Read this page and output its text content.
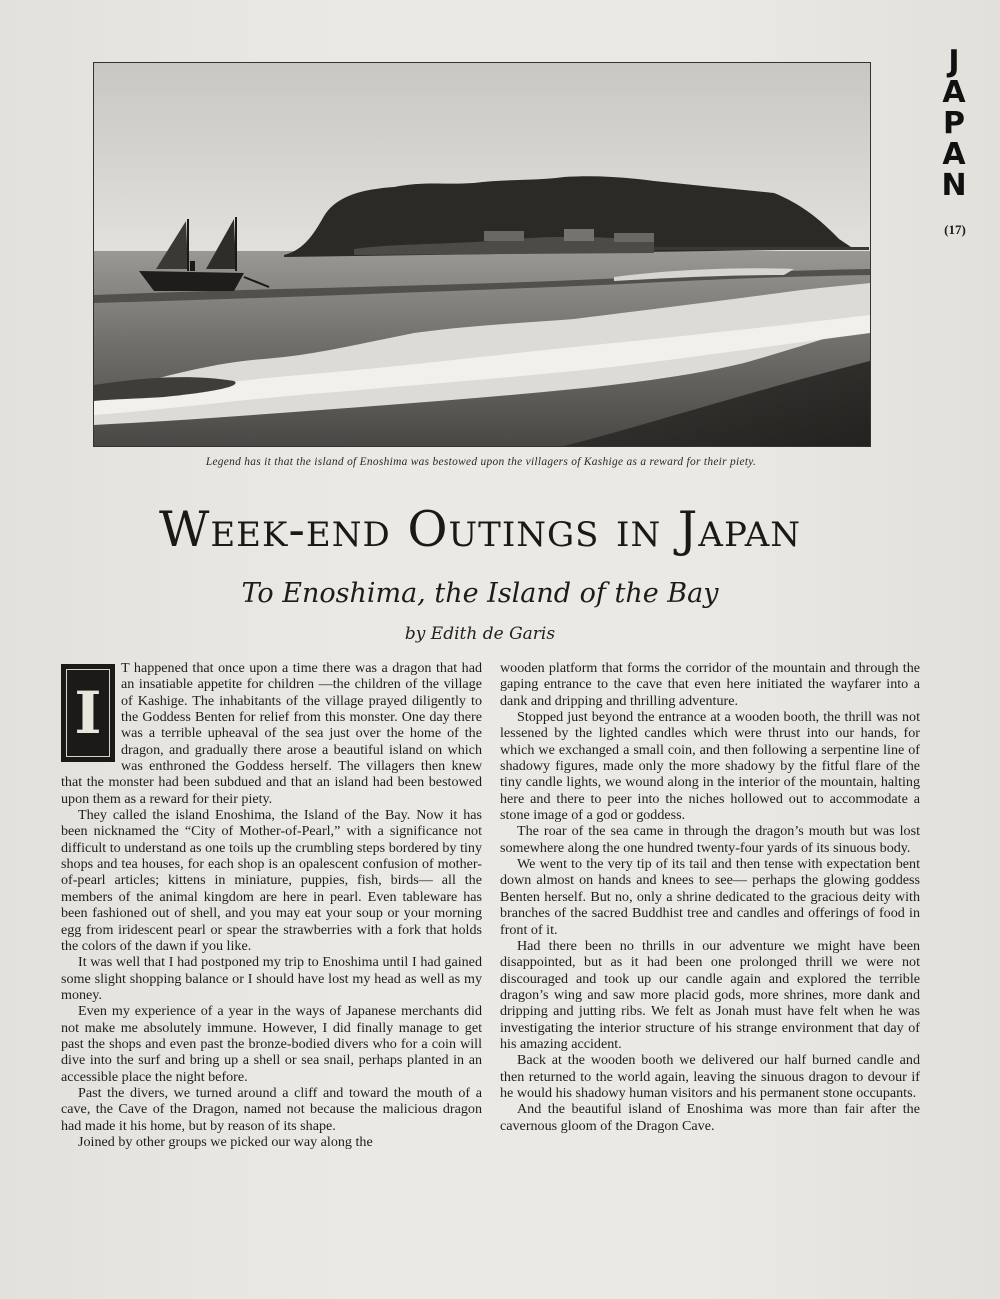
J
A
P
A
N
(17)
Legend has it that the island of Enoshima was bestowed upon the villagers of Kashige as a reward for their piety.
Week-end Outings in Japan
To Enoshima, the Island of the Bay
by Edith de Garis
I

T happened that once upon a time there was a dragon that had an insatiable appetite for children —the children of the village of Kashige. The inhabitants of the village prayed diligently to the Goddess Benten for relief from this monster. One day there was a terrible upheaval of the sea just over the home of the dragon, and gradually there arose a beautiful island on which was enthroned the Goddess herself. The villagers then knew that the monster had been subdued and that an island had been bestowed upon them as a reward for their piety.

They called the island Enoshima, the Island of the Bay. Now it has been nicknamed the “City of Mother-of-Pearl,” with a significance not difficult to understand as one toils up the crumbling steps bordered by tiny shops and tea houses, for each shop is an opalescent confusion of mother-of-pearl articles; kittens in miniature, puppies, fish, birds— all the members of the animal kingdom are here in pearl. Even tableware has been fashioned out of shell, and you may eat your soup or your morning egg from iridescent pearl or spear the strawberries with a fork that holds the colors of the dawn if you like.

It was well that I had postponed my trip to Enoshima until I had gained some slight shopping balance or I should have lost my head as well as my money.

Even my experience of a year in the ways of Japanese merchants did not make me absolutely immune. However, I did finally manage to get past the shops and even past the bronze-bodied divers who for a coin will dive into the surf and bring up a shell or sea snail, perhaps planted in an accessible place the night before.

Past the divers, we turned around a cliff and toward the mouth of a cave, the Cave of the Dragon, named not because the malicious dragon had made it his home, but by reason of its shape.

Joined by other groups we picked our way along the

wooden platform that forms the corridor of the mountain and through the gaping entrance to the cave that even here initiated the wayfarer into a dank and dripping and thrilling adventure.

Stopped just beyond the entrance at a wooden booth, the thrill was not lessened by the lighted candles which were thrust into our hands, for which we exchanged a small coin, and then following a serpentine line of shadowy figures, made only the more shadowy by the fitful flare of the tiny candle lights, we wound along in the interior of the mountain, halting here and there to peer into the niches hollowed out to accommodate a stone image of a god or goddess.

The roar of the sea came in through the dragon’s mouth but was lost somewhere along the one hundred twenty-four yards of its sinuous body.

We went to the very tip of its tail and then tense with expectation bent down almost on hands and knees to see— perhaps the glowing goddess Benten herself. But no, only a shrine dedicated to the gracious deity with branches of the sacred Buddhist tree and candles and offerings of food in front of it.

Had there been no thrills in our adventure we might have been disappointed, but as it had been one prolonged thrill we were not discouraged and took up our candle again and explored the terrible dragon’s wing and saw more placid gods, more shrines, more dank and dripping and jutting ribs. We felt as Jonah must have felt when he was investigating the interior structure of his strange environment that day of his amazing accident.

Back at the wooden booth we delivered our half burned candle and then returned to the world again, leaving the sinuous dragon to devour if he would his shadowy human visitors and his permanent stone occupants.

And the beautiful island of Enoshima was more than fair after the cavernous gloom of the Dragon Cave.
